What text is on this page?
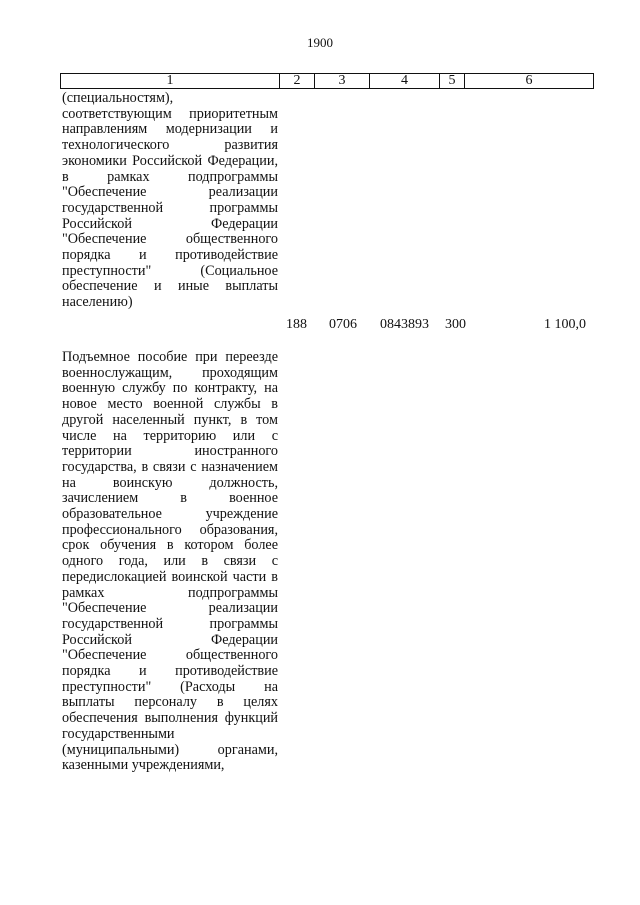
1900
1	2	3	4	5	6

(специальностям), соответствующим приоритетным направлениям модернизации и технологического развития экономики Российской Федерации, в рамках подпрограммы "Обеспечение реализации государственной программы Российской Федерации "Обеспечение общественного порядка и противодействие преступности" (Социальное обеспечение и иные выплаты населению)

188 0706 0843893 300	1 100,0

Подъемное пособие при переезде военнослужащим, проходящим военную службу по контракту, на новое место военной службы в другой населенный пункт, в том числе на территорию или с территории иностранного государства, в связи с назначением на воинскую должность, зачислением в военное образовательное учреждение профессионального образования, срок обучения в котором более одного года, или в связи с передислокацией воинской части в рамках подпрограммы "Обеспечение реализации государственной программы Российской Федерации "Обеспечение общественного порядка и противодействие преступности" (Расходы на выплаты персоналу в целях обеспечения выполнения функций государственными (муниципальными) органами, казенными учреждениями,
